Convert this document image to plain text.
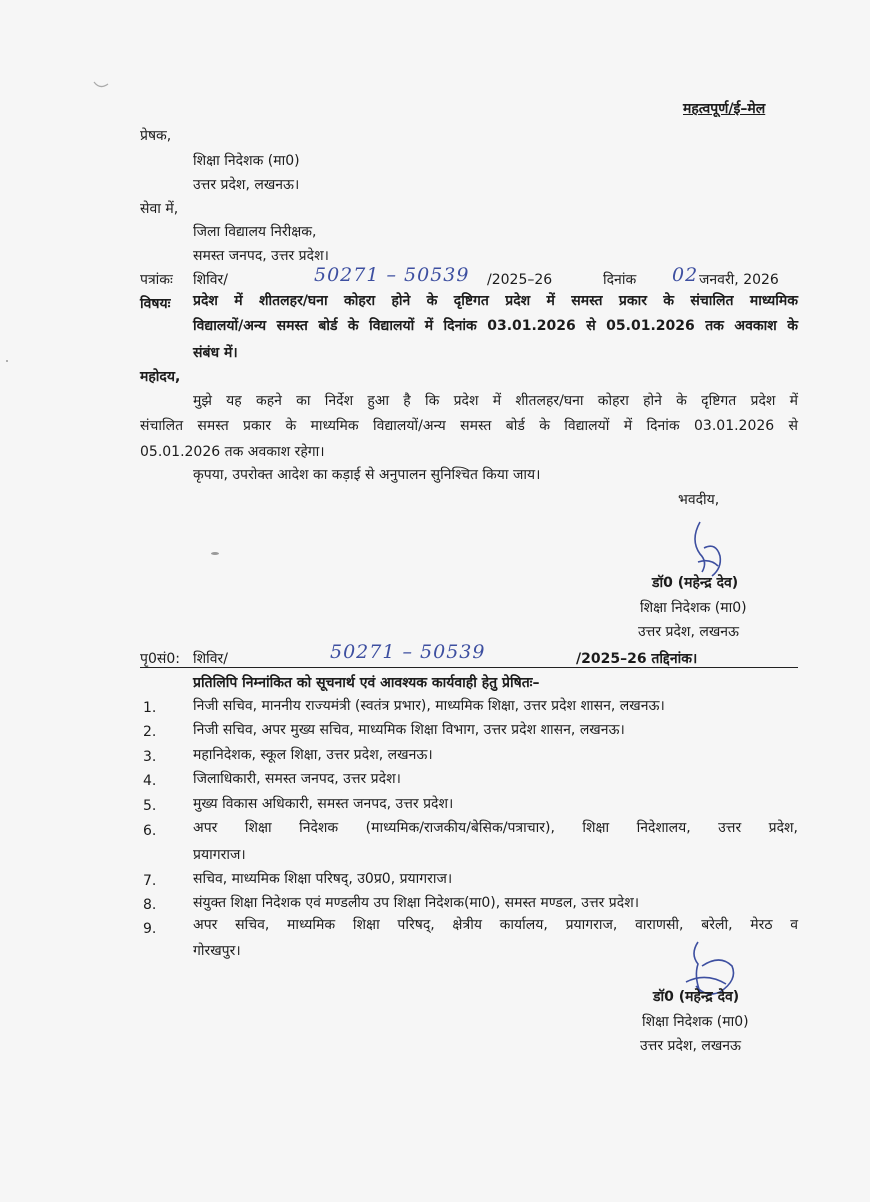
महत्वपूर्ण/ई–मेल
प्रेषक,
शिक्षा निदेशक (मा0)
उत्तर प्रदेश, लखनऊ।
सेवा में,
जिला विद्यालय निरीक्षक,
समस्त जनपद, उत्तर प्रदेश।
पत्रांकः शिविर/	50271 – 50539 /2025–26	दिनांक 02 जनवरी, 2026
विषयः प्रदेश में शीतलहर/घना कोहरा होने के दृष्टिगत प्रदेश में समस्त प्रकार के संचालित माध्यमिक
विद्यालयों/अन्य समस्त बोर्ड के विद्यालयों में दिनांक 03.01.2026 से 05.01.2026 तक अवकाश के
संबंध में।
महोदय,
मुझे यह कहने का निर्देश हुआ है कि प्रदेश में शीतलहर/घना कोहरा होने के दृष्टिगत प्रदेश में
संचालित समस्त प्रकार के माध्यमिक विद्यालयों/अन्य समस्त बोर्ड के विद्यालयों में दिनांक 03.01.2026 से
05.01.2026 तक अवकाश रहेगा।
कृपया, उपरोक्त आदेश का कड़ाई से अनुपालन सुनिश्चित किया जाय।
भवदीय,
डॉ0 (महेन्द्र देव)
शिक्षा निदेशक (मा0)
उत्तर प्रदेश, लखनऊ
पृ0सं0: शिविर/	50271 – 50539	/2025–26 तद्दिनांक।
प्रतिलिपि निम्नांकित को सूचनार्थ एवं आवश्यक कार्यवाही हेतु प्रेषितः–
1.	निजी सचिव, माननीय राज्यमंत्री (स्वतंत्र प्रभार), माध्यमिक शिक्षा, उत्तर प्रदेश शासन, लखनऊ।
2.	निजी सचिव, अपर मुख्य सचिव, माध्यमिक शिक्षा विभाग, उत्तर प्रदेश शासन, लखनऊ।
3.	महानिदेशक, स्कूल शिक्षा, उत्तर प्रदेश, लखनऊ।
4.	जिलाधिकारी, समस्त जनपद, उत्तर प्रदेश।
5.	मुख्य विकास अधिकारी, समस्त जनपद, उत्तर प्रदेश।
6.	अपर शिक्षा निदेशक (माध्यमिक/राजकीय/बेसिक/पत्राचार), शिक्षा निदेशालय, उत्तर प्रदेश,
प्रयागराज।
7.	सचिव, माध्यमिक शिक्षा परिषद्, उ0प्र0, प्रयागराज।
8.	संयुक्त शिक्षा निदेशक एवं मण्डलीय उप शिक्षा निदेशक(मा0), समस्त मण्डल, उत्तर प्रदेश।
9.	अपर सचिव, माध्यमिक शिक्षा परिषद्, क्षेत्रीय कार्यालय, प्रयागराज, वाराणसी, बरेली, मेरठ व
गोरखपुर।
डॉ0 (महेन्द्र देव)
शिक्षा निदेशक (मा0)
उत्तर प्रदेश, लखनऊ
